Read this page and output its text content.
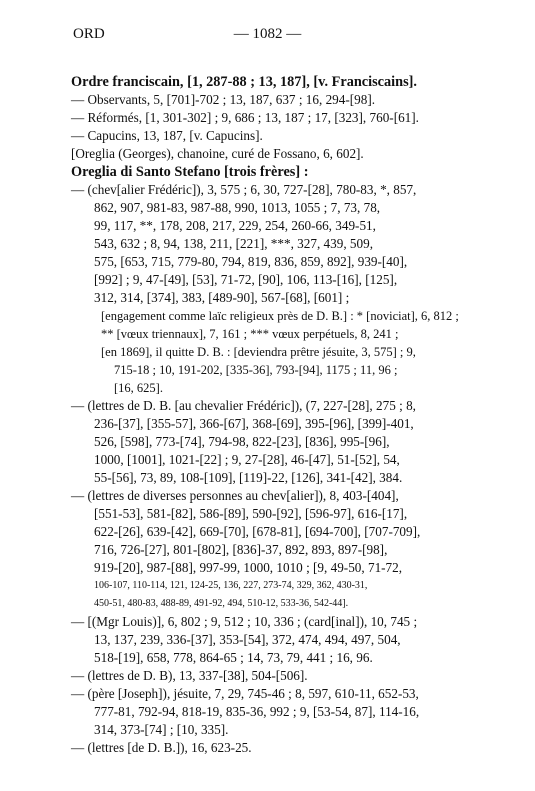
ORD	— 1082 —
Ordre franciscain, [1, 287-88 ; 13, 187], [v. Franciscains].
— Observants, 5, [701]-702 ; 13, 187, 637 ; 16, 294-[98].
— Réformés, [1, 301-302] ; 9, 686 ; 13, 187 ; 17, [323], 760-[61].
— Capucins, 13, 187, [v. Capucins].
[Oreglia (Georges), chanoine, curé de Fossano, 6, 602].
Oreglia di Santo Stefano [trois frères] :
— (chev[alier Frédéric]), 3, 575 ; 6, 30, 727-[28], 780-83, *, 857,
862, 907, 981-83, 987-88, 990, 1013, 1055 ; 7, 73, 78,
99, 117, **, 178, 208, 217, 229, 254, 260-66, 349-51,
543, 632 ; 8, 94, 138, 211, [221], ***, 327, 439, 509,
575, [653, 715, 779-80, 794, 819, 836, 859, 892], 939-[40],
[992] ; 9, 47-[49], [53], 71-72, [90], 106, 113-[16], [125],
312, 314, [374], 383, [489-90], 567-[68], [601] ;
[engagement comme laïc religieux près de D. B.] : * [noviciat], 6, 812 ;
** [vœux triennaux], 7, 161 ; *** vœux perpétuels, 8, 241 ;
[en 1869], il quitte D. B. : [deviendra prêtre jésuite, 3, 575] ; 9,
715-18 ; 10, 191-202, [335-36], 793-[94], 1175 ; 11, 96 ;
[16, 625].
— (lettres de D. B. [au chevalier Frédéric]), (7, 227-[28], 275 ; 8,
236-[37], [355-57], 366-[67], 368-[69], 395-[96], [399]-401,
526, [598], 773-[74], 794-98, 822-[23], [836], 995-[96],
1000, [1001], 1021-[22] ; 9, 27-[28], 46-[47], 51-[52], 54,
55-[56], 73, 89, 108-[109], [119]-22, [126], 341-[42], 384.
— (lettres de diverses personnes au chev[alier]), 8, 403-[404],
[551-53], 581-[82], 586-[89], 590-[92], [596-97], 616-[17],
622-[26], 639-[42], 669-[70], [678-81], [694-700], [707-709],
716, 726-[27], 801-[802], [836]-37, 892, 893, 897-[98],
919-[20], 987-[88], 997-99, 1000, 1010 ; [9, 49-50, 71-72,
106-107, 110-114, 121, 124-25, 136, 227, 273-74, 329, 362, 430-31,
450-51, 480-83, 488-89, 491-92, 494, 510-12, 533-36, 542-44].
— [(Mgr Louis)], 6, 802 ; 9, 512 ; 10, 336 ; (card[inal]), 10, 745 ;
13, 137, 239, 336-[37], 353-[54], 372, 474, 494, 497, 504,
518-[19], 658, 778, 864-65 ; 14, 73, 79, 441 ; 16, 96.
— (lettres de D. B), 13, 337-[38], 504-[506].
— (père [Joseph]), jésuite, 7, 29, 745-46 ; 8, 597, 610-11, 652-53,
777-81, 792-94, 818-19, 835-36, 992 ; 9, [53-54, 87], 114-16,
314, 373-[74] ; [10, 335].
— (lettres [de D. B.]), 16, 623-25.
